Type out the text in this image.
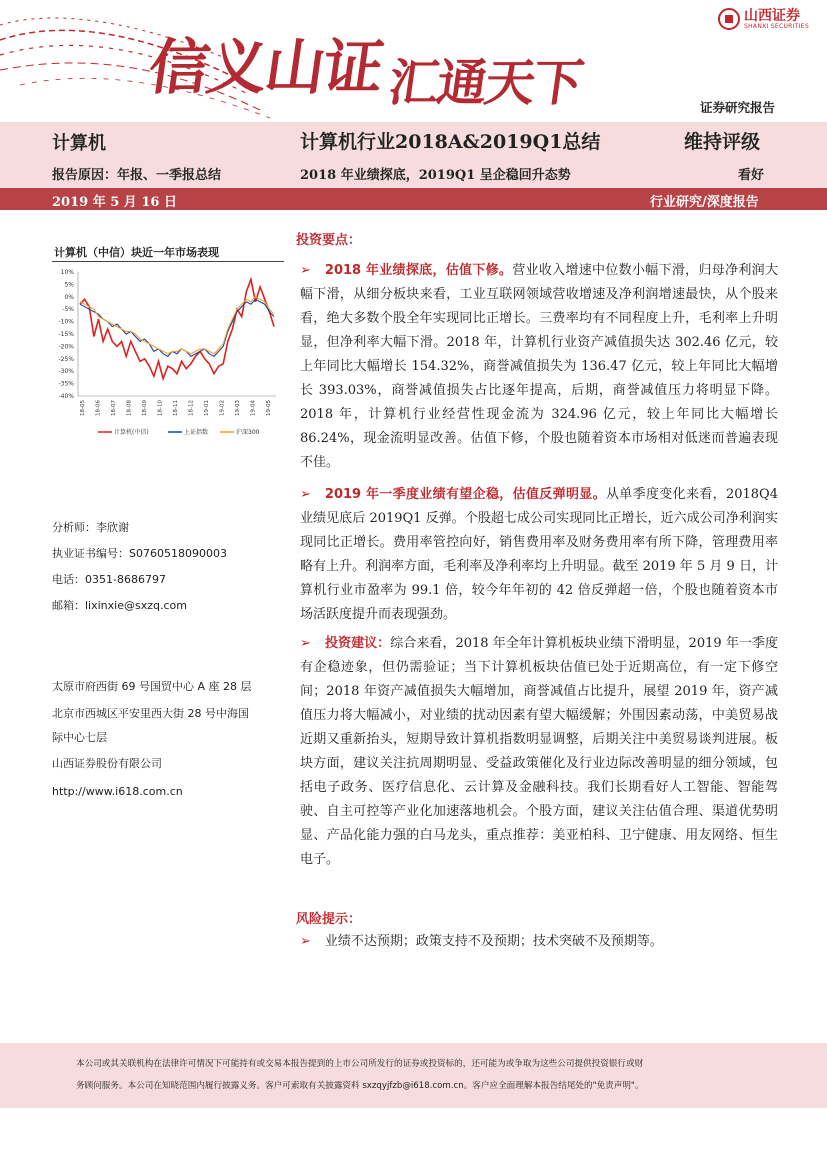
信义山证$_{汇通天下}$
山西证券
SHANXI SECURITIES
证券研究报告
计算机	计算机行业2018A&2019Q1总结	维持评级
报告原因：年报、一季报总结	2018 年业绩探底，2019Q1 呈企稳回升态势	看好
2019 年 5 月 16 日	行业研究/深度报告
计算机（中信）块近一年市场表现
10%
5%
0%
-5%
-10%
-15%
-20%
-25%
-30%
-35%
-40%
18-05 18-06 18-07 18-08 18-09 18-10 18-11 18-12 19-01 19-02 19-03 19-04 19-05
计算机(中信)	上证指数	沪深300
分析师：李欣谢
执业证书编号：S0760518090003
电话：0351-8686797
邮箱：lixinxie@sxzq.com
太原市府西街 69 号国贸中心 A 座 28 层
北京市西城区平安里西大街 28 号中海国
际中心七层
山西证券股份有限公司
http://www.i618.com.cn
投资要点：
➢ 2018 年业绩探底，估值下修。营业收入增速中位数小幅下滑，归母净利润大幅下滑，从细分板块来看，工业互联网领域营收增速及净利润增速最快，从个股来看，绝大多数个股全年实现同比正增长。三费率均有不同程度上升，毛利率上升明显，但净利率大幅下滑。2018 年，计算机行业资产减值损失达 302.46 亿元，较上年同比大幅增长 154.32%，商誉减值损失为 136.47 亿元，较上年同比大幅增长 393.03%，商誉减值损失占比逐年提高，后期，商誉减值压力将明显下降。2018 年，计算机行业经营性现金流为 324.96 亿元，较上年同比大幅增长 86.24%，现金流明显改善。估值下修，个股也随着资本市场相对低迷而普遍表现不佳。
➢ 2019 年一季度业绩有望企稳，估值反弹明显。从单季度变化来看，2018Q4 业绩见底后 2019Q1 反弹。个股超七成公司实现同比正增长，近六成公司净利润实现同比正增长。费用率管控向好，销售费用率及财务费用率有所下降，管理费用率略有上升。利润率方面，毛利率及净利率均上升明显。截至 2019 年 5 月 9 日，计算机行业市盈率为 99.1 倍，较今年年初的 42 倍反弹超一倍，个股也随着资本市场活跃度提升而表现强劲。
➢ 投资建议：综合来看，2018 年全年计算机板块业绩下滑明显，2019 年一季度有企稳迹象，但仍需验证；当下计算机板块估值已处于近期高位，有一定下修空间；2018 年资产减值损失大幅增加，商誉减值占比提升，展望 2019 年，资产减值压力将大幅减小，对业绩的扰动因素有望大幅缓解；外围因素动荡，中美贸易战近期又重新抬头，短期导致计算机指数明显调整，后期关注中美贸易谈判进展。板块方面，建议关注抗周期明显、受益政策催化及行业边际改善明显的细分领域，包括电子政务、医疗信息化、云计算及金融科技。我们长期看好人工智能、智能驾驶、自主可控等产业化加速落地机会。个股方面，建议关注估值合理、渠道优势明显、产品化能力强的白马龙头，重点推荐：美亚柏科、卫宁健康、用友网络、恒生电子。
风险提示：
➢ 业绩不达预期；政策支持不及预期；技术突破不及预期等。
本公司或其关联机构在法律许可情况下可能持有或交易本报告提到的上市公司所发行的证券或投资标的，还可能为或争取为这些公司提供投资银行或财
务顾问服务。本公司在知晓范围内履行披露义务。客户可索取有关披露资料 sxzqyjfzb@i618.com.cn。客户应全面理解本报告结尾处的"免责声明"。
